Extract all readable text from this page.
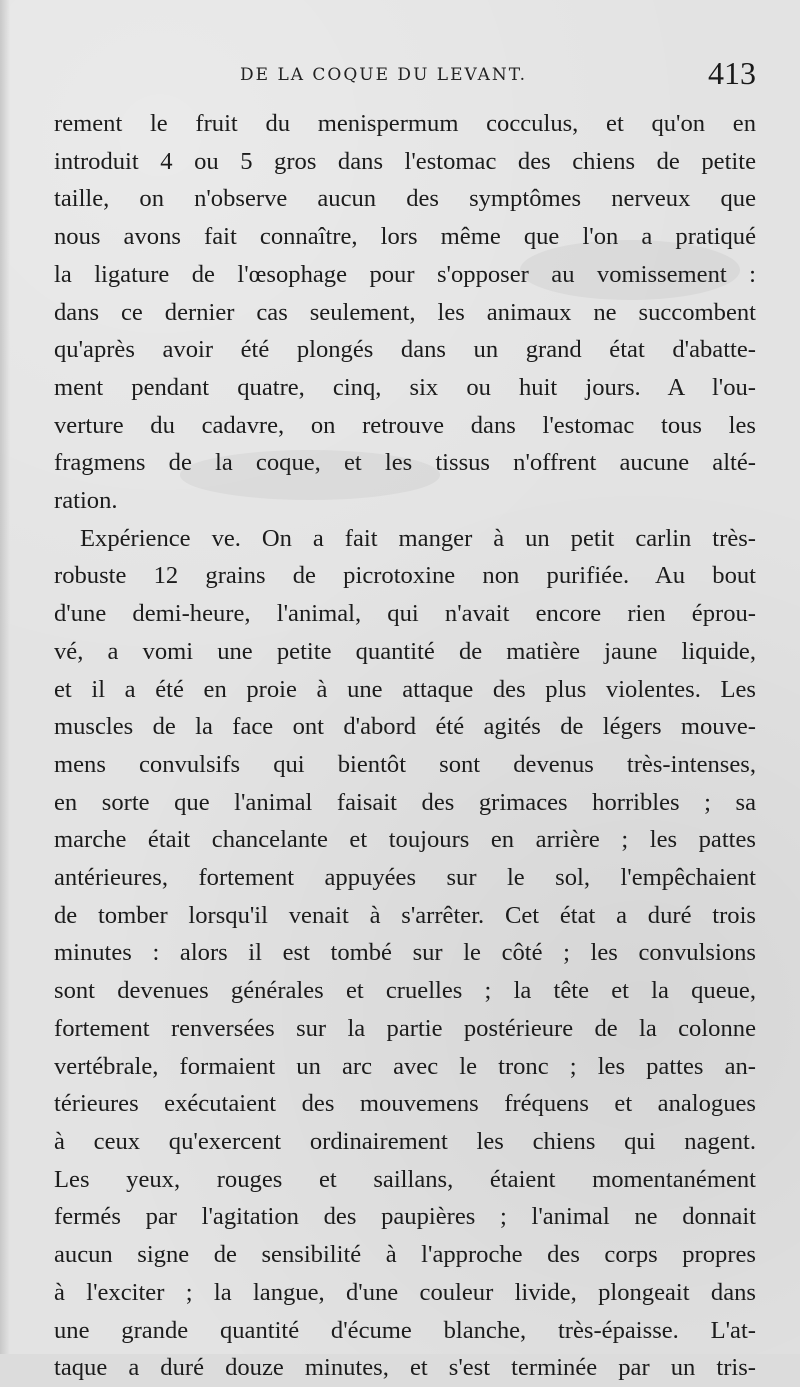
DE LA COQUE DU LEVANT.	413
rement le fruit du menispermum cocculus, et qu'on en
introduit 4 ou 5 gros dans l'estomac des chiens de petite
taille, on n'observe aucun des symptômes nerveux que
nous avons fait connaître, lors même que l'on a pratiqué
la ligature de l'œsophage pour s'opposer au vomissement :
dans ce dernier cas seulement, les animaux ne succombent
qu'après avoir été plongés dans un grand état d'abatte-
ment pendant quatre, cinq, six ou huit jours. A l'ou-
verture du cadavre, on retrouve dans l'estomac tous les
fragmens de la coque, et les tissus n'offrent aucune alté-
ration.
Expérience ve. On a fait manger à un petit carlin très-
robuste 12 grains de picrotoxine non purifiée. Au bout
d'une demi-heure, l'animal, qui n'avait encore rien éprou-
vé, a vomi une petite quantité de matière jaune liquide,
et il a été en proie à une attaque des plus violentes. Les
muscles de la face ont d'abord été agités de légers mouve-
mens convulsifs qui bientôt sont devenus très-intenses,
en sorte que l'animal faisait des grimaces horribles ; sa
marche était chancelante et toujours en arrière ; les pattes
antérieures, fortement appuyées sur le sol, l'empêchaient
de tomber lorsqu'il venait à s'arrêter. Cet état a duré trois
minutes : alors il est tombé sur le côté ; les convulsions
sont devenues générales et cruelles ; la tête et la queue,
fortement renversées sur la partie postérieure de la colonne
vertébrale, formaient un arc avec le tronc ; les pattes an-
térieures exécutaient des mouvemens fréquens et analogues
à ceux qu'exercent ordinairement les chiens qui nagent.
Les yeux, rouges et saillans, étaient momentanément
fermés par l'agitation des paupières ; l'animal ne donnait
aucun signe de sensibilité à l'approche des corps propres
à l'exciter ; la langue, d'une couleur livide, plongeait dans
une grande quantité d'écume blanche, très-épaisse. L'at-
taque a duré douze minutes, et s'est terminée par un tris-
